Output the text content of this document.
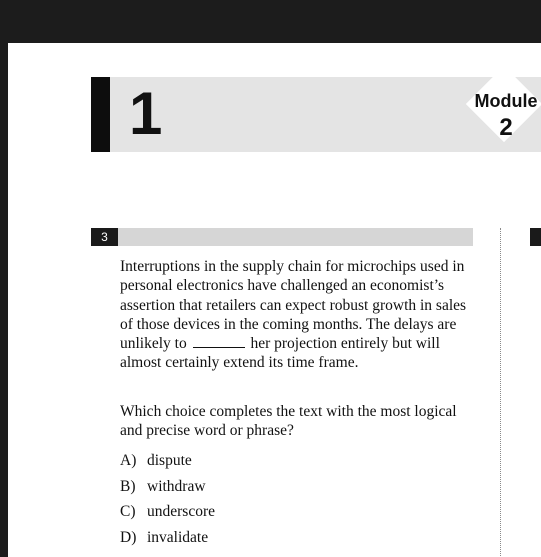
1	Module
2
3

Interruptions in the supply chain for microchips used in personal electronics have challenged an economist’s assertion that retailers can expect robust growth in sales of those devices in the coming months. The delays are unlikely to	her projection entirely but will almost certainly extend its time frame.

Which choice completes the text with the most logical and precise word or phrase?

A) dispute
B) withdraw
C) underscore
D) invalidate
